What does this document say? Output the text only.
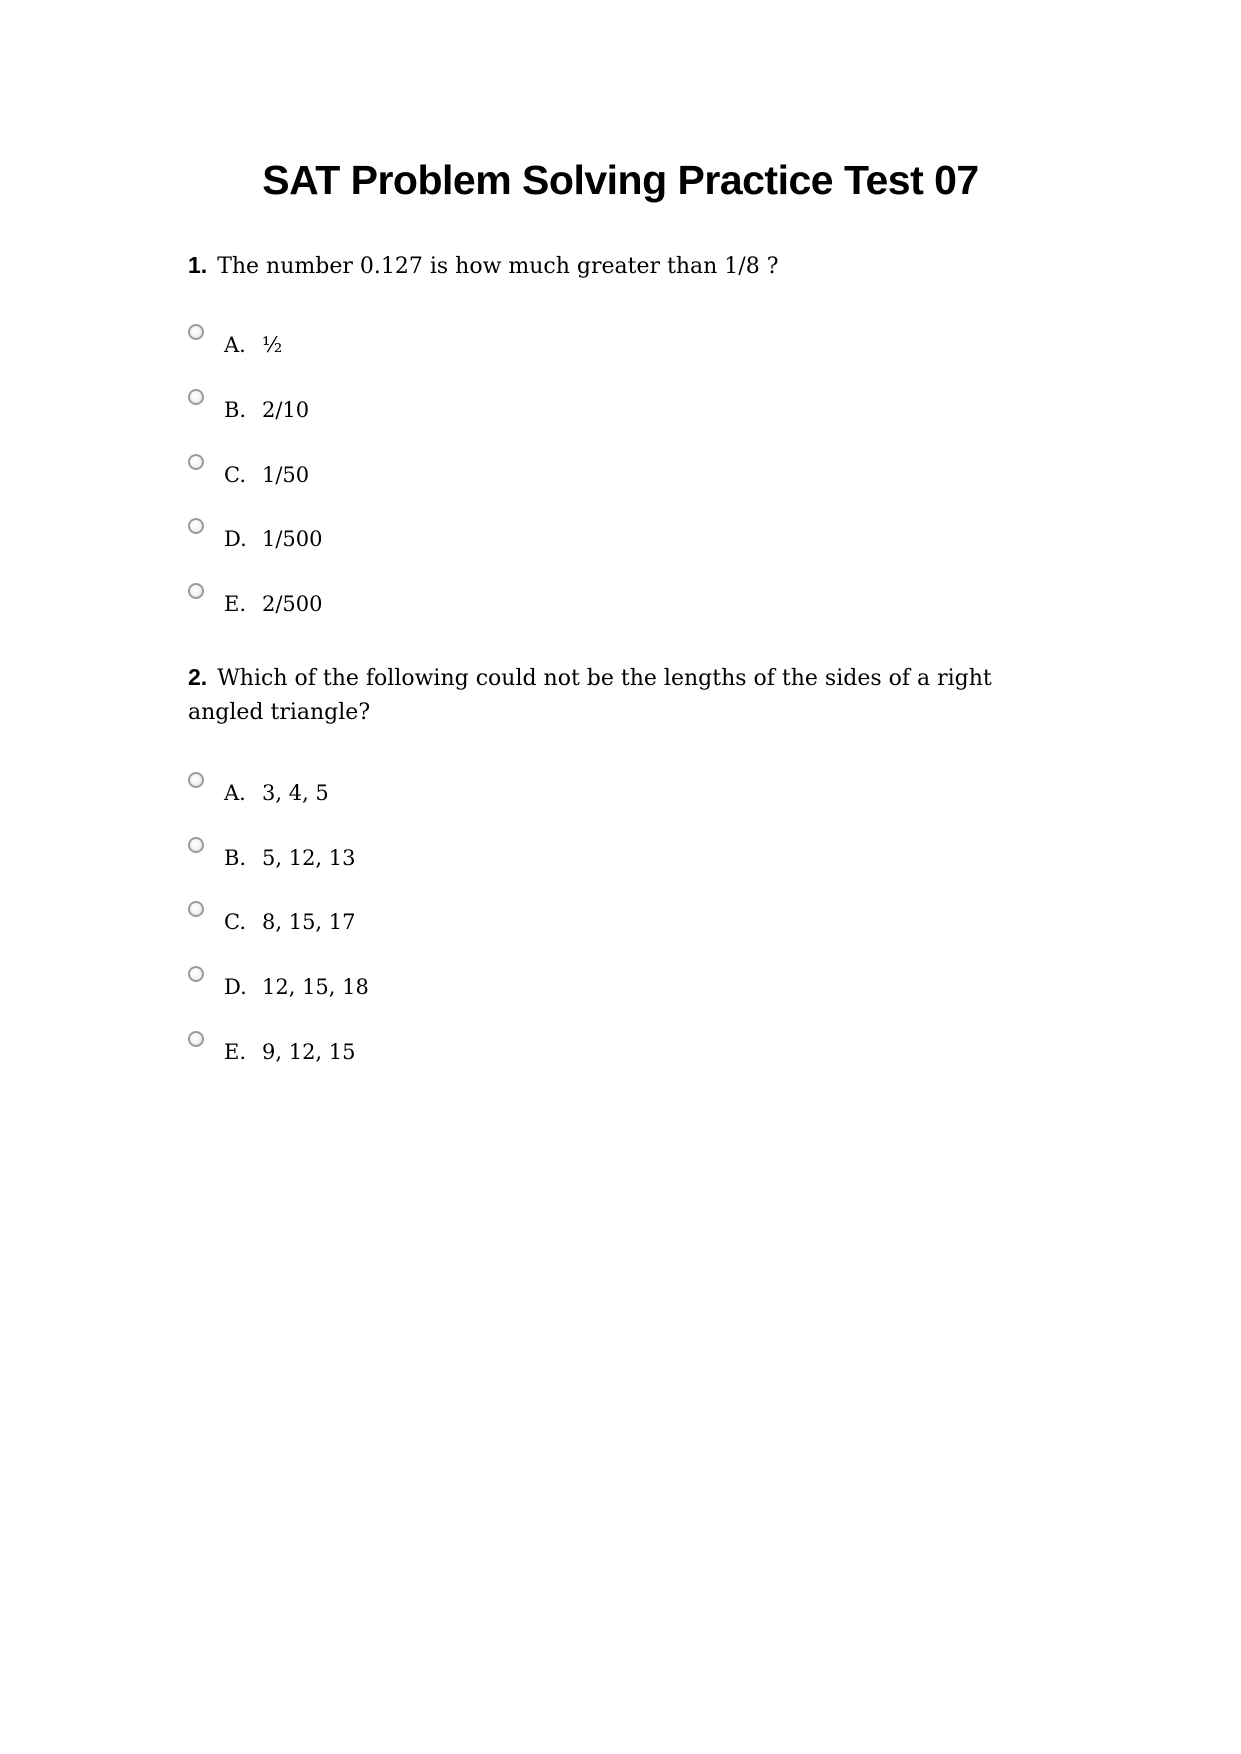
SAT Problem Solving Practice Test 07

1. The number 0.127 is how much greater than 1/8 ?

A. ½
B. 2/10
C. 1/50
D. 1/500
E. 2/500

2. Which of the following could not be the lengths of the sides of a right angled triangle?

A. 3, 4, 5
B. 5, 12, 13
C. 8, 15, 17
D. 12, 15, 18
E. 9, 12, 15
